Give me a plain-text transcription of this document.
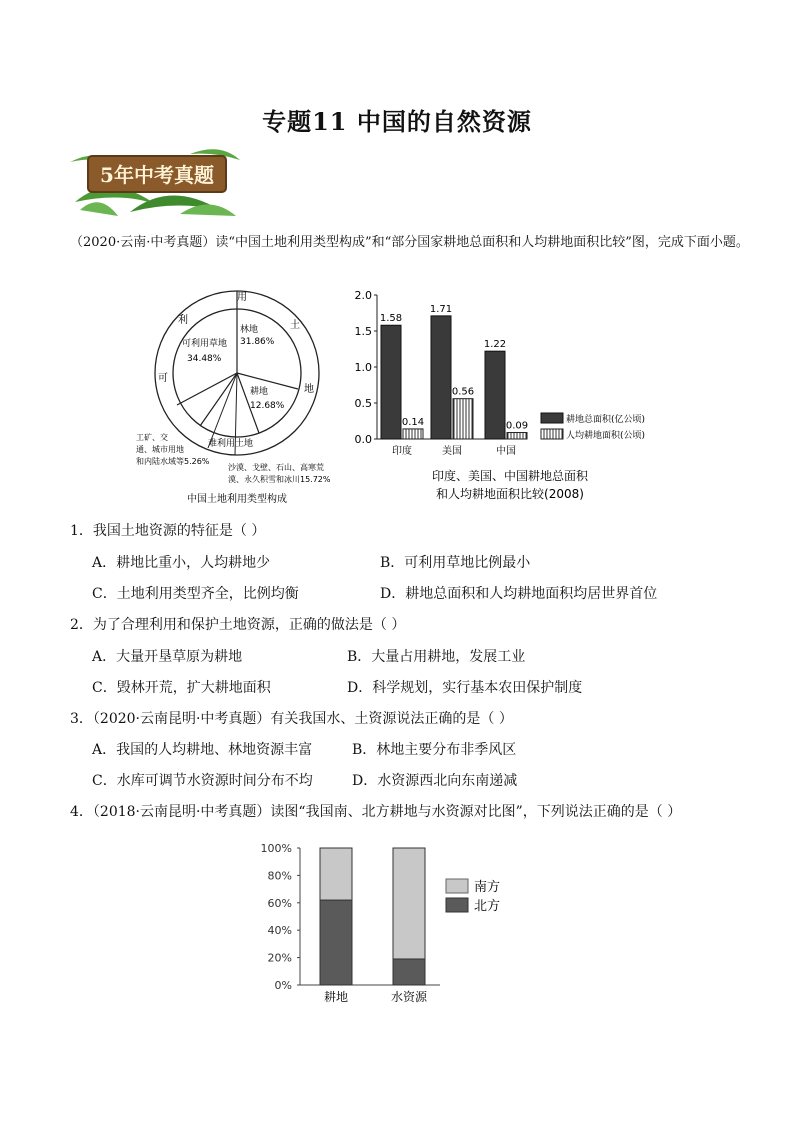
专题11 中国的自然资源
5年中考真题
（2020·云南·中考真题）读“中国土地利用类型构成”和“部分国家耕地总面积和人均耕地面积比较”图，完成下面小题。
林地
31.86%
可利用草地
34.48%
耕地
12.68%
用
土
地
利
可
难利用土地
工矿、交
通、城市用地
和内陆水域等5.26%
沙漠、戈壁、石山、高寒荒
漠、永久积雪和冰川15.72%
中国土地利用类型构成
0.0
0.5
1.0
1.5
2.0
1.58
0.14
印度
1.71
0.56
美国
1.22
0.09
中国
耕地总面积(亿公顷)
人均耕地面积(公顷)
印度、美国、中国耕地总面积
和人均耕地面积比较(2008)
1．我国土地资源的特征是（ ）
A．耕地比重小，人均耕地少	B．可利用草地比例最小
C．土地利用类型齐全，比例均衡	D．耕地总面积和人均耕地面积均居世界首位
2．为了合理利用和保护土地资源，正确的做法是（ ）
A．大量开垦草原为耕地	B．大量占用耕地，发展工业
C．毁林开荒，扩大耕地面积	D．科学规划，实行基本农田保护制度
3．（2020·云南昆明·中考真题）有关我国水、土资源说法正确的是（ ）
A．我国的人均耕地、林地资源丰富	B．林地主要分布非季风区
C．水库可调节水资源时间分布不均	D．水资源西北向东南递减
4．（2018·云南昆明·中考真题）读图“我国南、北方耕地与水资源对比图”，下列说法正确的是（ ）
0%
20%
40%
60%
80%
100%
耕地	水资源
南方
北方
